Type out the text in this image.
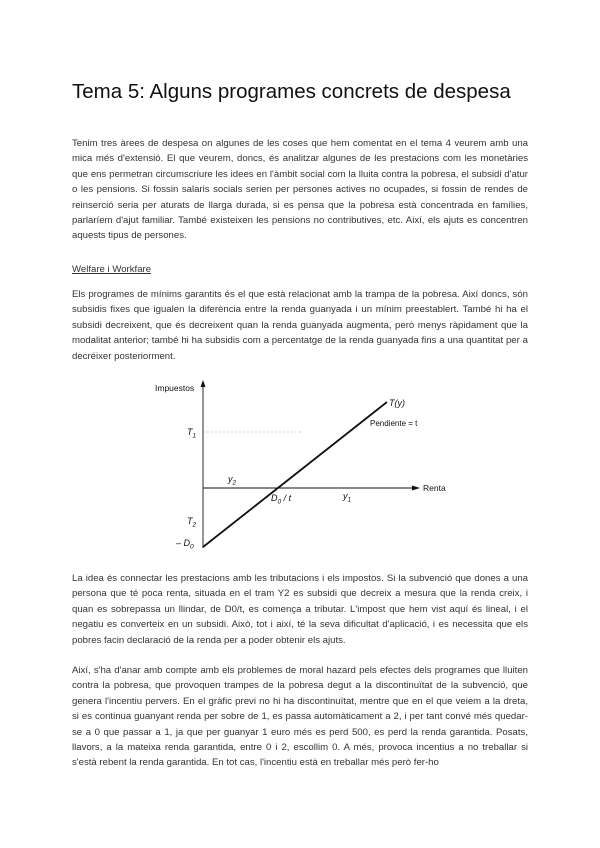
Tema 5: Alguns programes concrets de despesa

Tenim tres àrees de despesa on algunes de les coses que hem comentat en el tema 4 veurem amb una mica més d'extensió. El que veurem, doncs, és analitzar algunes de les prestacions com les monetàries que ens permetran circumscriure les idees en l'àmbit social com la lluita contra la pobresa, el subsidi d'atur o les pensions. Si fossin salaris socials serien per persones actives no ocupades, si fossin de rendes de reinserció seria per aturats de llarga durada, si es pensa que la pobresa està concentrada en famílies, parlaríem d'ajut familiar. També existeixen les pensions no contributives, etc. Així, els ajuts es concentren aquests tipus de persones.

Welfare i Workfare

Els programes de mínims garantits és el que està relacionat amb la trampa de la pobresa. Així doncs, són subsidis fixes que igualen la diferència entre la renda guanyada i un mínim preestablert. També hi ha el subsidi decreixent, que és decreixent quan la renda guanyada augmenta, però menys ràpidament que la modalitat anterior; també hi ha subsidis com a percentatge de la renda guanyada fins a una quantitat per a decréixer posteriorment.

Impuestos
T(y)
Pendiente = t
Renta
$T_1$
$T_2$
– $D_0$
$y_2$
$y_1$
$D_0$ / t

La idea és connectar les prestacions amb les tributacions i els impostos. Si la subvenció que dones a una persona que té poca renta, situada en el tram Y2 es subsidi que decreix a mesura que la renda creix, i quan es sobrepassa un llindar, de D0/t, es comença a tributar. L'impost que hem vist aquí és lineal, i el negatiu es converteix en un subsidi. Això, tot i així, té la seva dificultat d'aplicació, i es necessita que els pobres facin declaració de la renda per a poder obtenir els ajuts.

Així, s'ha d'anar amb compte amb els problemes de moral hazard pels efectes dels programes que lluiten contra la pobresa, que provoquen trampes de la pobresa degut a la discontinuïtat de la subvenció, que genera l'incentiu pervers. En el gràfic previ no hi ha discontinuïtat, mentre que en el que veiem a la dreta, si es continua guanyant renda per sobre de 1, es passa automàticament a 2, i per tant convé més quedar-se a 0 que passar a 1, ja que per guanyar 1 euro més es perd 500, es perd la renda garantida. Posats, llavors, a la mateixa renda garantida, entre 0 i 2, escollim 0. A més, provoca incentius a no treballar si s'està rebent la renda garantida. En tot cas, l'incentiu està en treballar més però fer-ho
